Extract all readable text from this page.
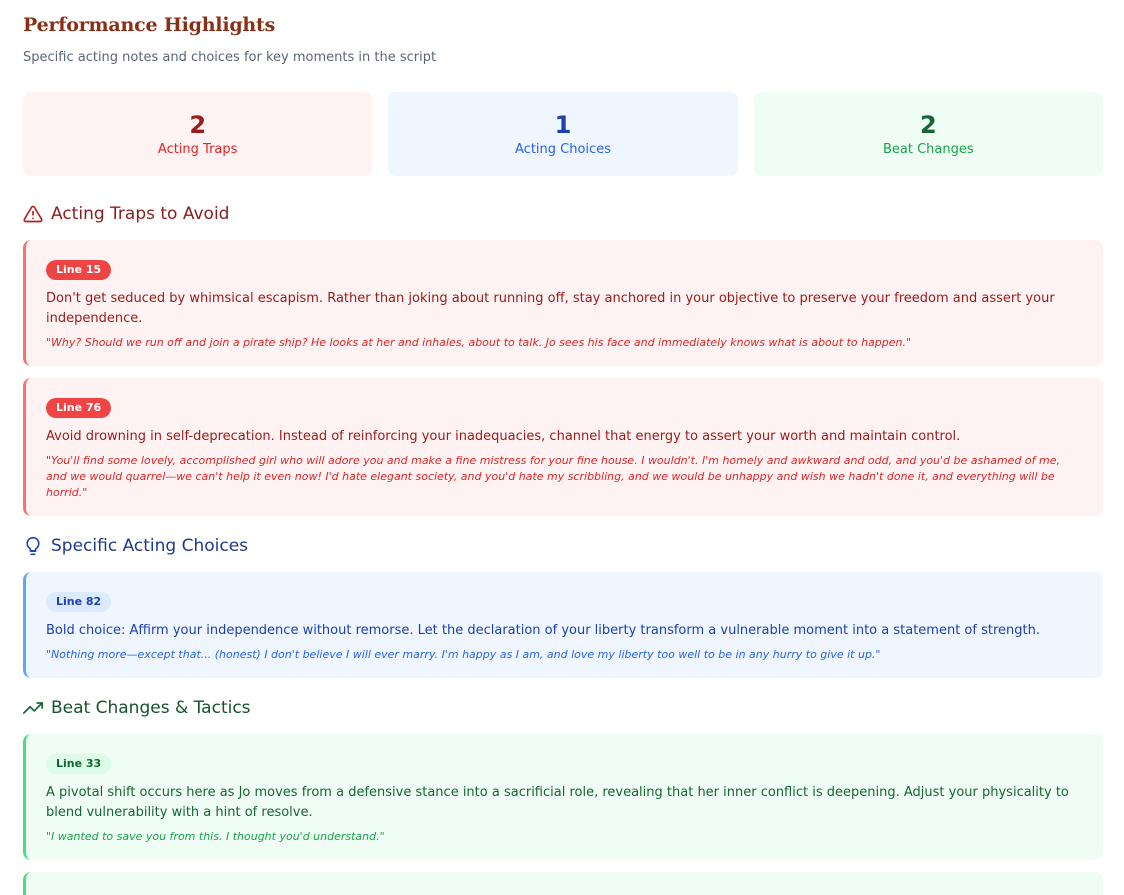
Performance Highlights

Specific acting notes and choices for key moments in the script

2
Acting Traps
1
Acting Choices
2
Beat Changes
Acting Traps to Avoid
Line 15

Don't get seduced by whimsical escapism. Rather than joking about running off, stay anchored in your objective to preserve your freedom and assert your independence.

"Why? Should we run off and join a pirate ship? He looks at her and inhales, about to talk. Jo sees his face and immediately knows what is about to happen."

Line 76

Avoid drowning in self-deprecation. Instead of reinforcing your inadequacies, channel that energy to assert your worth and maintain control.

"You'll find some lovely, accomplished girl who will adore you and make a fine mistress for your fine house. I wouldn't. I'm homely and awkward and odd, and you'd be ashamed of me, and we would quarrel—we can't help it even now! I'd hate elegant society, and you'd hate my scribbling, and we would be unhappy and wish we hadn't done it, and everything will be horrid."

Specific Acting Choices
Line 82

Bold choice: Affirm your independence without remorse. Let the declaration of your liberty transform a vulnerable moment into a statement of strength.

"Nothing more—except that... (honest) I don't believe I will ever marry. I'm happy as I am, and love my liberty too well to be in any hurry to give it up."

Beat Changes & Tactics
Line 33

A pivotal shift occurs here as Jo moves from a defensive stance into a sacrificial role, revealing that her inner conflict is deepening. Adjust your physicality to blend vulnerability with a hint of resolve.

"I wanted to save you from this. I thought you'd understand."
